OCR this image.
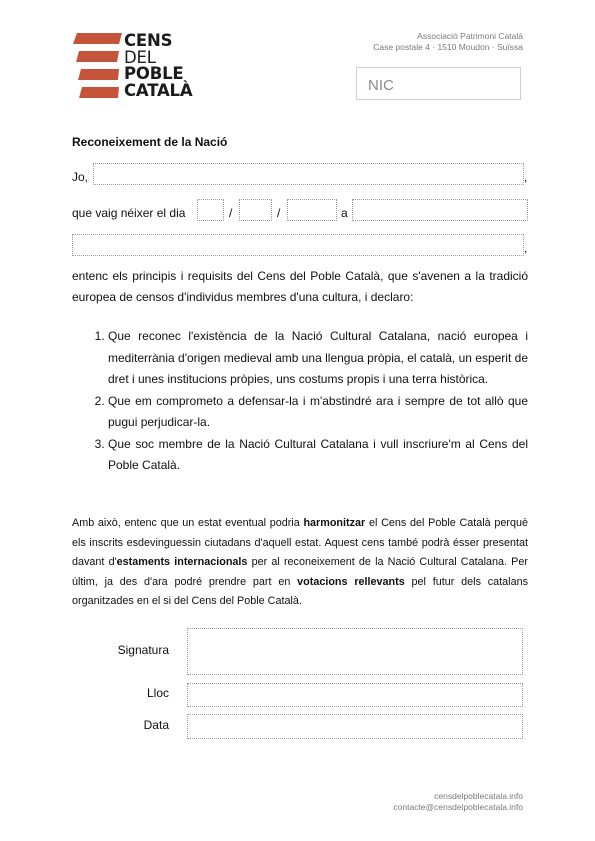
CENS
DEL
POBLE
CATALÀ
Associació Patrimoni Català
Case postale 4 · 1510 Moudon · Suïssa
NIC
Reconeixement de la Nació
Jo,	,
que vaig néixer el dia	/	/	a
,
entenc els principis i requisits del Cens del Poble Català, que s'avenen a la tradició europea de censos d'individus membres d'una cultura, i declaro:
1. Que reconec l'existència de la Nació Cultural Catalana, nació europea i mediterrània d'origen medieval amb una llengua pròpia, el català, un esperit de dret i unes institucions pròpies, uns costums propis i una terra històrica.
2. Que em comprometo a defensar-la i m'abstindré ara i sempre de tot allò que pugui perjudicar-la.
3. Que soc membre de la Nació Cultural Catalana i vull inscriure'm al Cens del Poble Català.
Amb això, entenc que un estat eventual podria harmonitzar el Cens del Poble Català perquè els inscrits esdevinguessin ciutadans d'aquell estat. Aquest cens també podrà ésser presentat davant d'estaments internacionals per al reconeixement de la Nació Cultural Catalana. Per últim, ja des d'ara podré prendre part en votacions rellevants pel futur dels catalans organitzades en el si del Cens del Poble Català.
Signatura
Lloc
Data
censdelpoblecatala.info
contacte@censdelpoblecatala.info
